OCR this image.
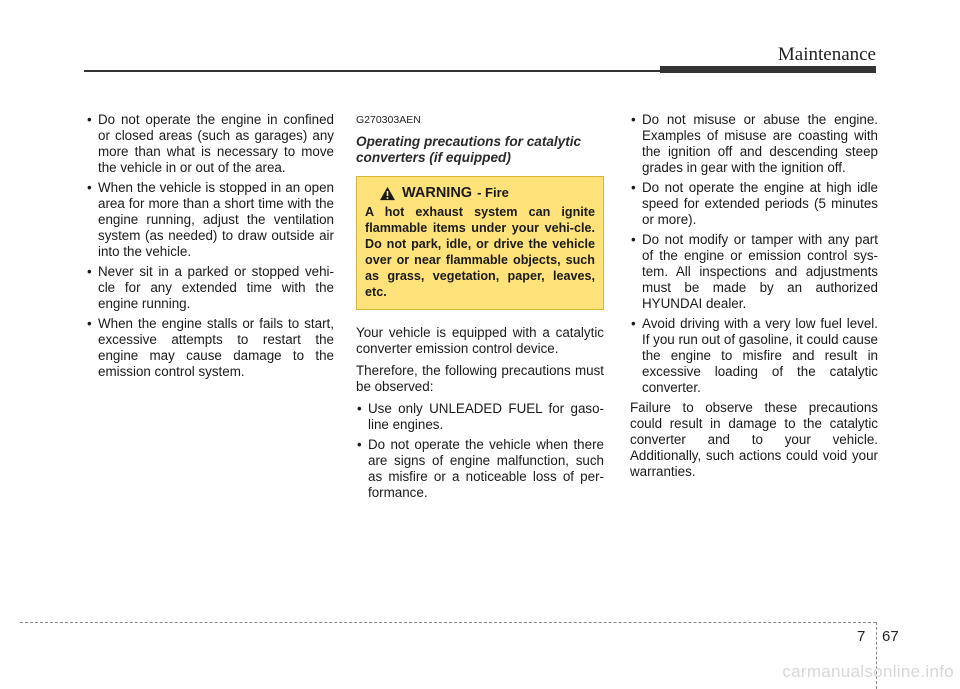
Maintenance
• Do not operate the engine in confined or closed areas (such as garages) any more than what is necessary to move the vehicle in or out of the area.
• When the vehicle is stopped in an open area for more than a short time with the engine running, adjust the ventilation system (as needed) to draw outside air into the vehicle.
• Never sit in a parked or stopped vehi-cle for any extended time with the engine running.
• When the engine stalls or fails to start, excessive attempts to restart the engine may cause damage to the emission control system.
G270303AEN
Operating precautions for catalytic converters (if equipped)
WARNING - Fire
A hot exhaust system can ignite flammable items under your vehi-cle. Do not park, idle, or drive the vehicle over or near flammable objects, such as grass, vegetation, paper, leaves, etc.

Your vehicle is equipped with a catalytic converter emission control device.

Therefore, the following precautions must be observed:

• Use only UNLEADED FUEL for gaso-line engines.
• Do not operate the vehicle when there are signs of engine malfunction, such as misfire or a noticeable loss of per-formance.
• Do not misuse or abuse the engine. Examples of misuse are coasting with the ignition off and descending steep grades in gear with the ignition off.
• Do not operate the engine at high idle speed for extended periods (5 minutes or more).
• Do not modify or tamper with any part of the engine or emission control sys-tem. All inspections and adjustments must be made by an authorized HYUNDAI dealer.
• Avoid driving with a very low fuel level. If you run out of gasoline, it could cause the engine to misfire and result in excessive loading of the catalytic converter.

Failure to observe these precautions could result in damage to the catalytic converter and to your vehicle. Additionally, such actions could void your warranties.

7 67
carmanualsonline.info
